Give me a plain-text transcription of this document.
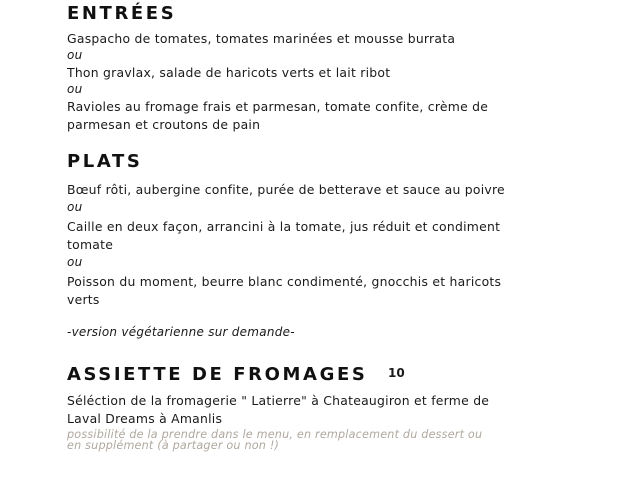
ENTRÉES
Gaspacho de tomates, tomates marinées et mousse burrata
ou
Thon gravlax, salade de haricots verts et lait ribot
ou
Ravioles au fromage frais et parmesan, tomate confite, crème de
parmesan et croutons de pain
PLATS
Bœuf rôti, aubergine confite, purée de betterave et sauce au poivre
ou
Caille en deux façon, arrancini à la tomate, jus réduit et condiment
tomate
ou
Poisson du moment, beurre blanc condimenté, gnocchis et haricots
verts
-version végétarienne sur demande-
ASSIETTE DE FROMAGES 10
Séléction de la fromagerie " Latierre" à Chateaugiron et ferme de
Laval Dreams à Amanlis
possibilité de la prendre dans le menu, en remplacement du dessert ou
en supplément (à partager ou non !)
